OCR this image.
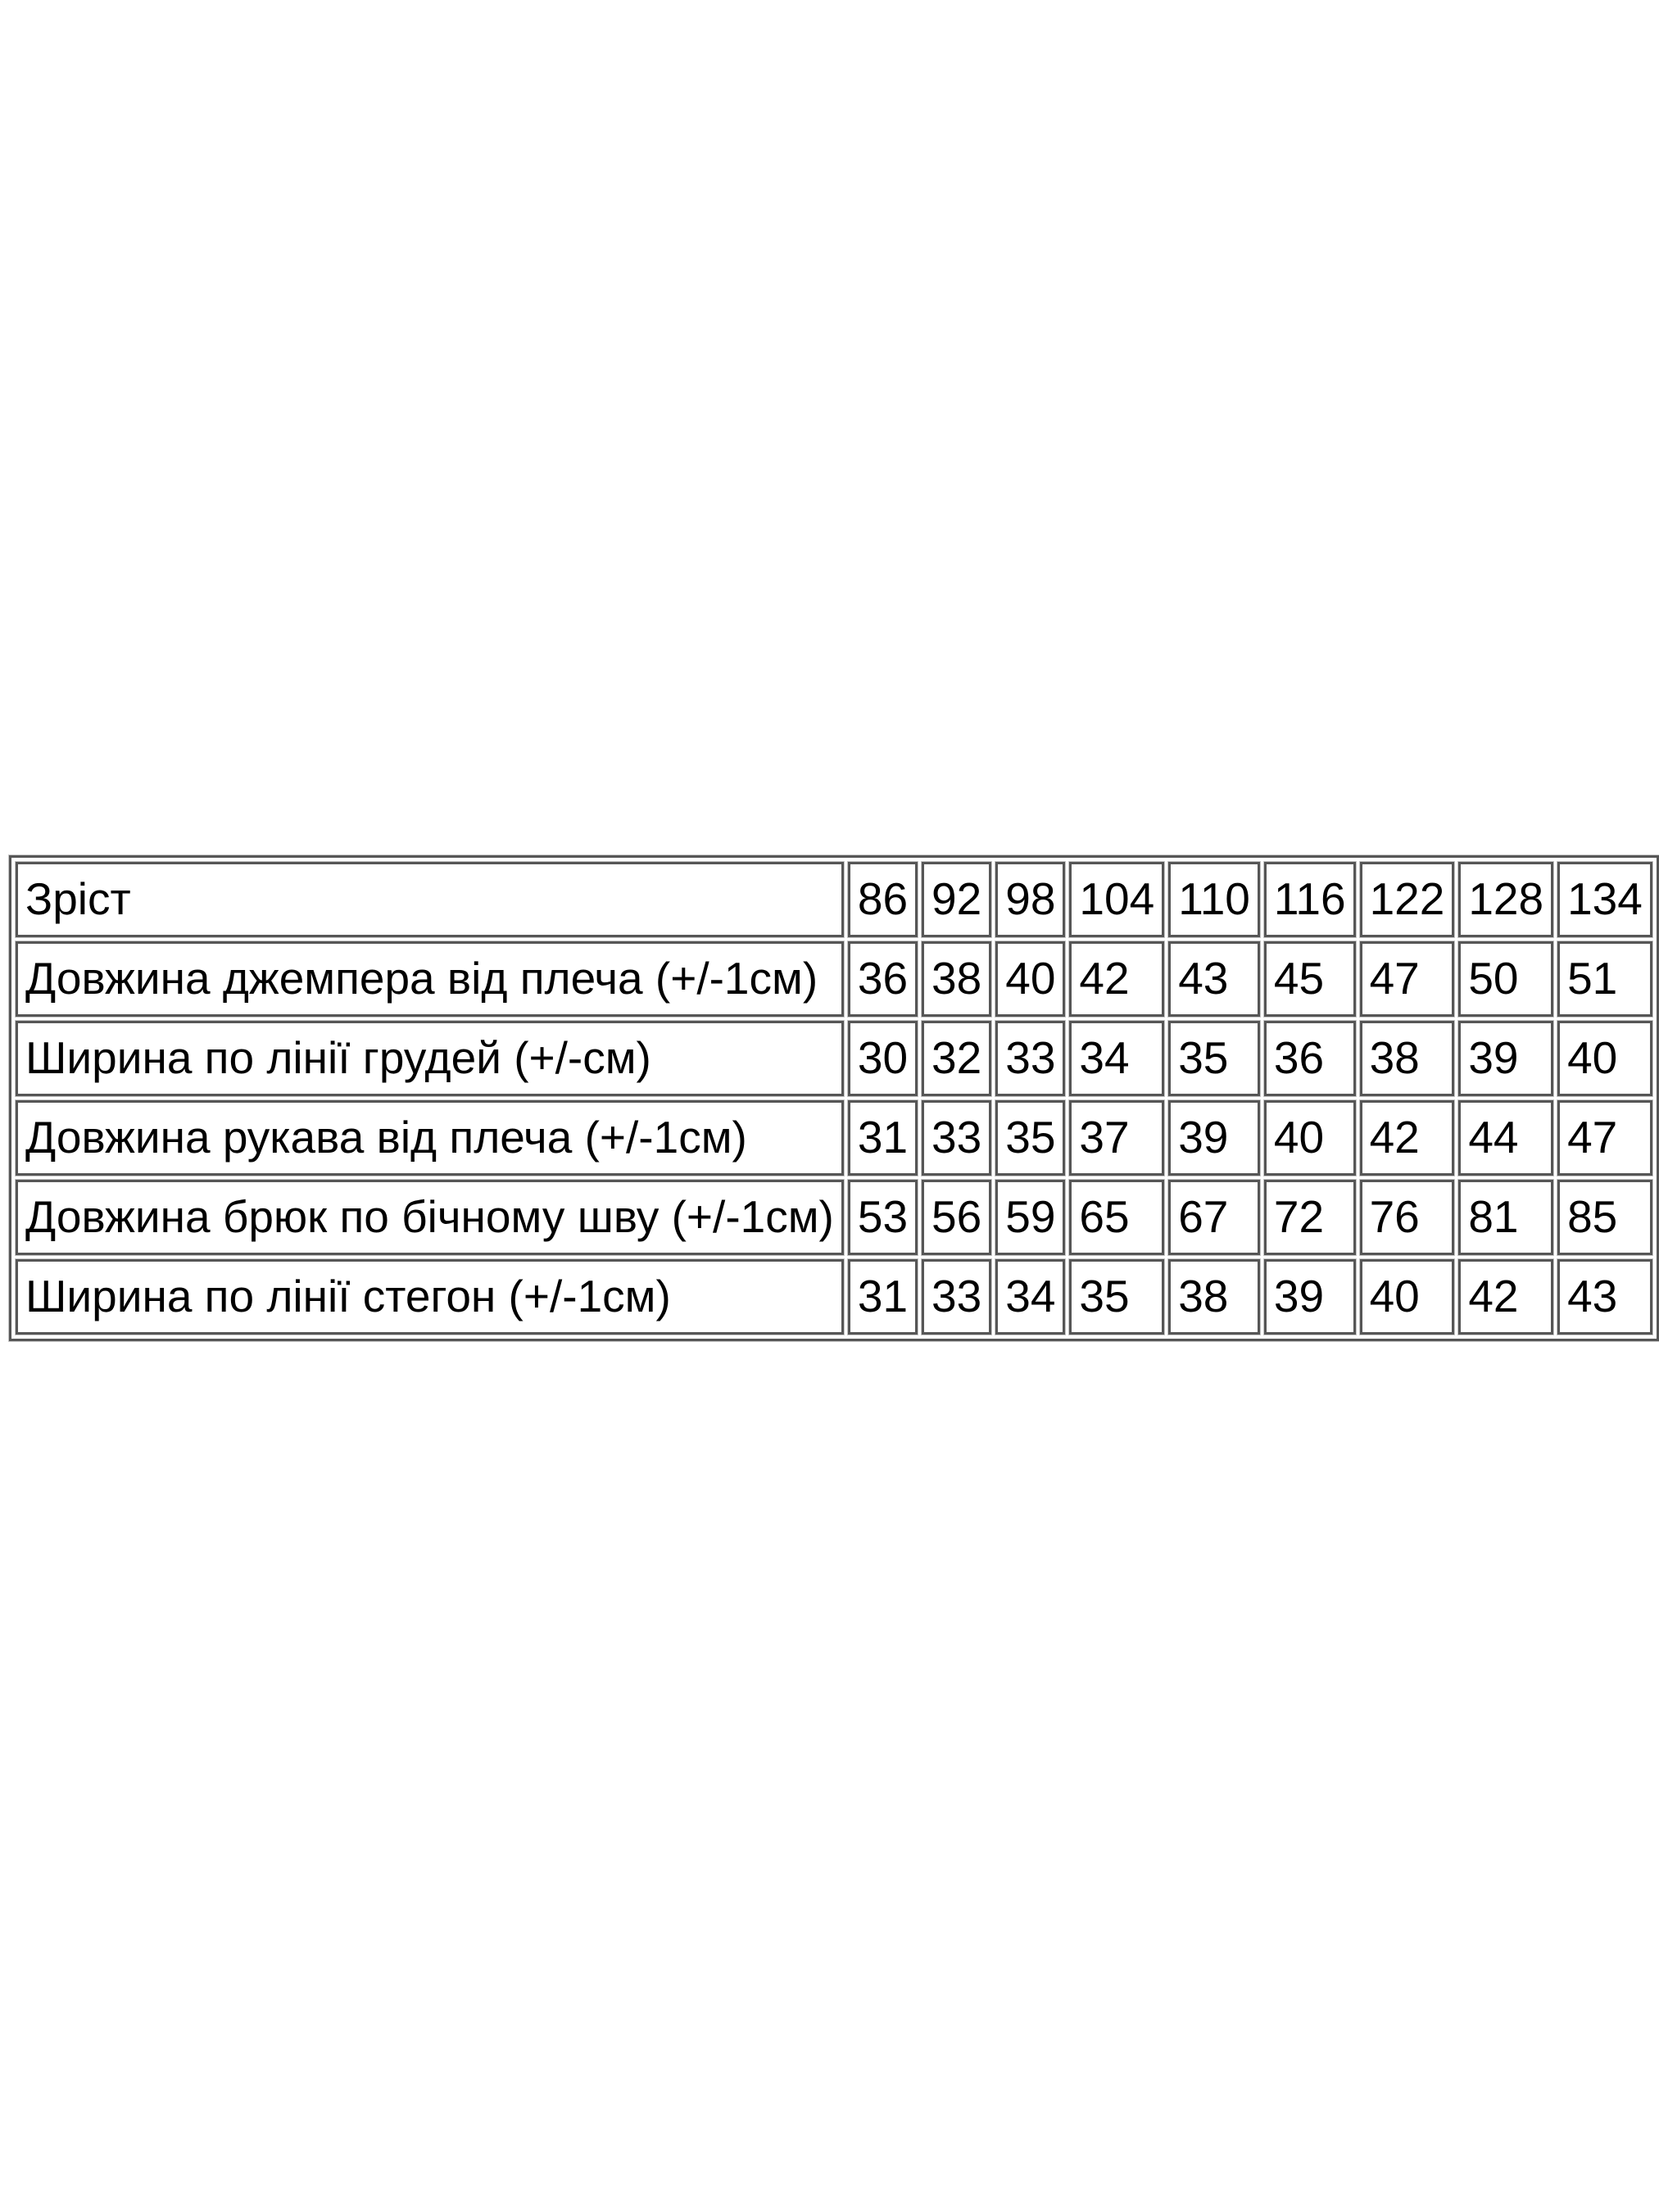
Зріст	86	92	98	104	110	116	122	128	134
Довжина джемпера від плеча (+/-1см)	36	38	40	42	43	45	47	50	51
Ширина по лінії грудей (+/-см)	30	32	33	34	35	36	38	39	40
Довжина рукава від плеча (+/-1см)	31	33	35	37	39	40	42	44	47
Довжина брюк по бічному шву (+/-1см)	53	56	59	65	67	72	76	81	85
Ширина по лінії стегон (+/-1см)	31	33	34	35	38	39	40	42	43
